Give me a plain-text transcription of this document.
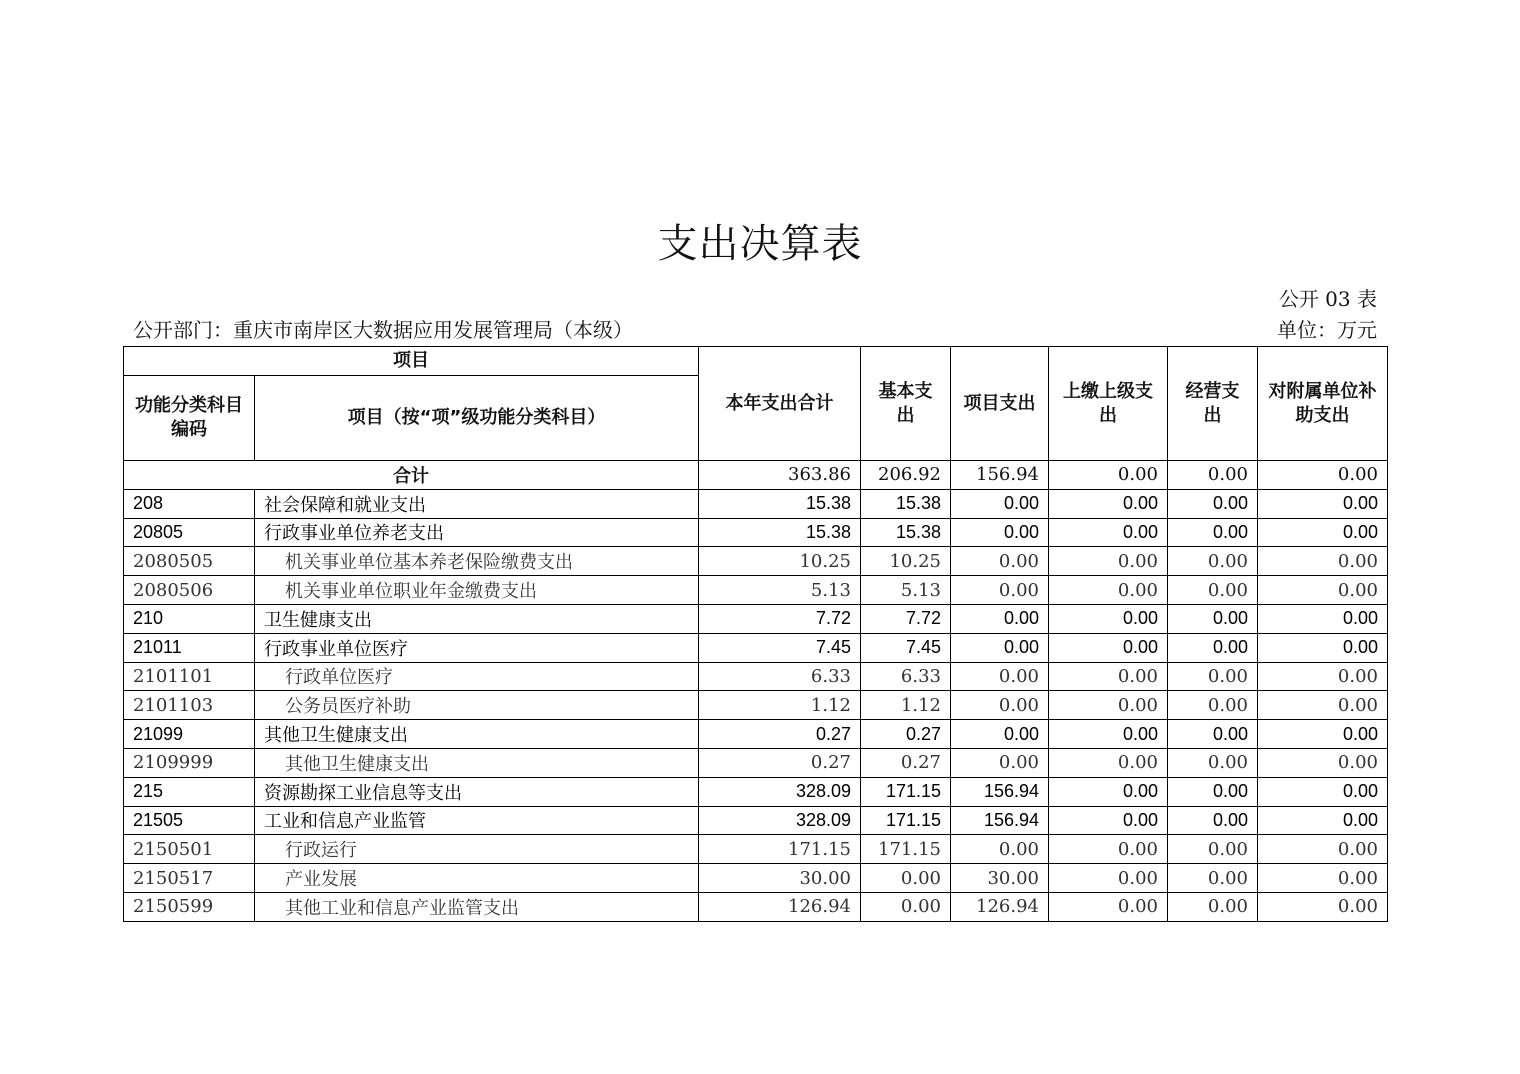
支出决算表
公开 03 表
公开部门：重庆市南岸区大数据应用发展管理局（本级）	单位：万元
项目		本年支出合计	基本支出	项目支出	上缴上级支出	经营支出	对附属单位补助支出
功能分类科目编码	项目（按“项”级功能分类科目）						
合计		363.86	206.92	156.94	0.00	0.00	0.00
208	社会保障和就业支出	15.38	15.38	0.00	0.00	0.00	0.00
20805	行政事业单位养老支出	15.38	15.38	0.00	0.00	0.00	0.00
2080505	机关事业单位基本养老保险缴费支出	10.25	10.25	0.00	0.00	0.00	0.00
2080506	机关事业单位职业年金缴费支出	5.13	5.13	0.00	0.00	0.00	0.00
210	卫生健康支出	7.72	7.72	0.00	0.00	0.00	0.00
21011	行政事业单位医疗	7.45	7.45	0.00	0.00	0.00	0.00
2101101	行政单位医疗	6.33	6.33	0.00	0.00	0.00	0.00
2101103	公务员医疗补助	1.12	1.12	0.00	0.00	0.00	0.00
21099	其他卫生健康支出	0.27	0.27	0.00	0.00	0.00	0.00
2109999	其他卫生健康支出	0.27	0.27	0.00	0.00	0.00	0.00
215	资源勘探工业信息等支出	328.09	171.15	156.94	0.00	0.00	0.00
21505	工业和信息产业监管	328.09	171.15	156.94	0.00	0.00	0.00
2150501	行政运行	171.15	171.15	0.00	0.00	0.00	0.00
2150517	产业发展	30.00	0.00	30.00	0.00	0.00	0.00
2150599	其他工业和信息产业监管支出	126.94	0.00	126.94	0.00	0.00	0.00
